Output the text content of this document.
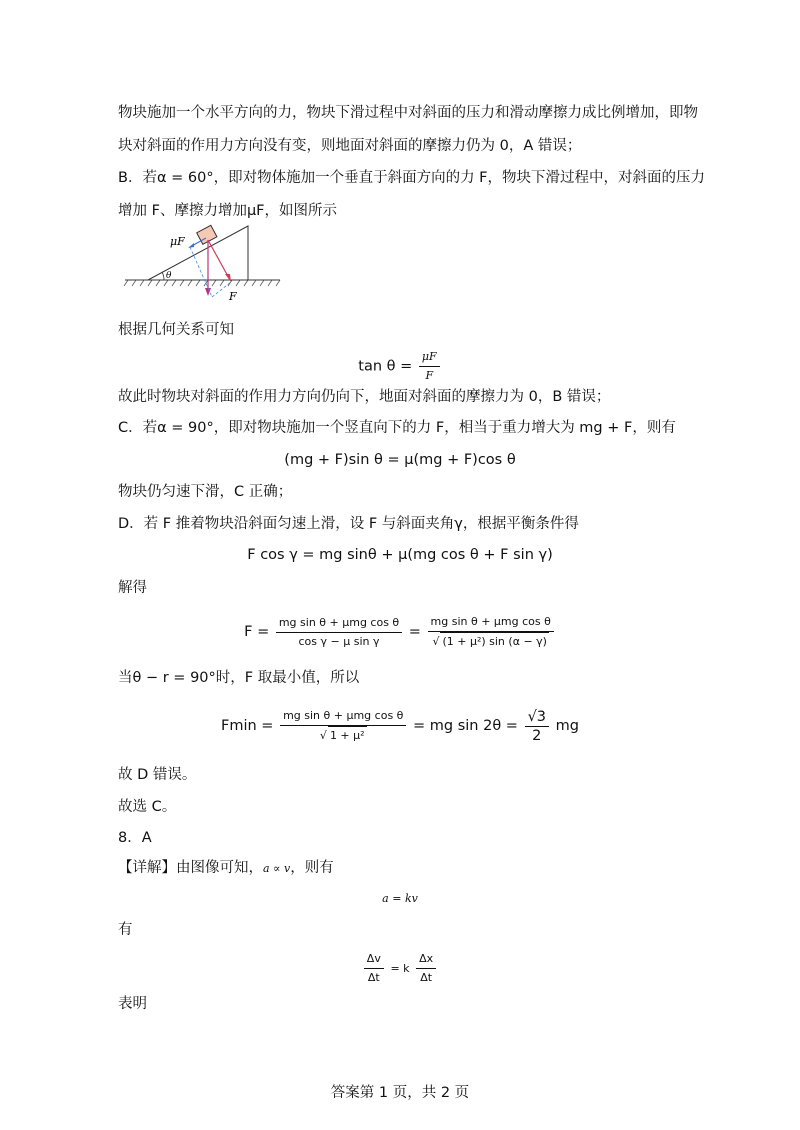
物块施加一个水平方向的力，物块下滑过程中对斜面的压力和滑动摩擦力成比例增加，即物
块对斜面的作用力方向没有变，则地面对斜面的摩擦力仍为 0，A 错误；
B．若α = 60°，即对物体施加一个垂直于斜面方向的力 F，物块下滑过程中，对斜面的压力
增加 F、摩擦力增加μF，如图所示
θ
μF
F
根据几何关系可知
$\tan \theta = \frac{\mu F}{F}$
故此时物块对斜面的作用力方向仍向下，地面对斜面的摩擦力为 0，B 错误；
C．若α = 90°，即对物块施加一个竖直向下的力 F，相当于重力增大为 mg + F，则有
(mg + F)sin θ = μ(mg + F)cos θ
物块仍匀速下滑，C 正确；
D．若 F 推着物块沿斜面匀速上滑，设 F 与斜面夹角γ，根据平衡条件得
F cos γ = mg sinθ + μ(mg cos θ + F sin γ)
解得
$F = \frac{\text{mg sin θ + μmg cos θ}}{\text{cos γ − μ sin γ}} = \frac{\text{mg sin θ + μmg cos θ}}{\text{√ (1 + μ²) sin (α − γ)}}$
当θ − r = 90°时，F 取最小值，所以
$Fmin = \frac{\text{mg sin θ + μmg cos θ}}{\text{√ 1 + μ²}}$ = mg $\sin 2\theta = \frac{√3}{2}$ mg
故 D 错误。
故选 C。
8．A
【详解】由图像可知，a ∝ v，则有
a = kv
有
$\frac{\Delta v}{\Delta t} = k \frac{\Delta x}{\Delta t}$
表明
答案第 1 页，共 2 页
